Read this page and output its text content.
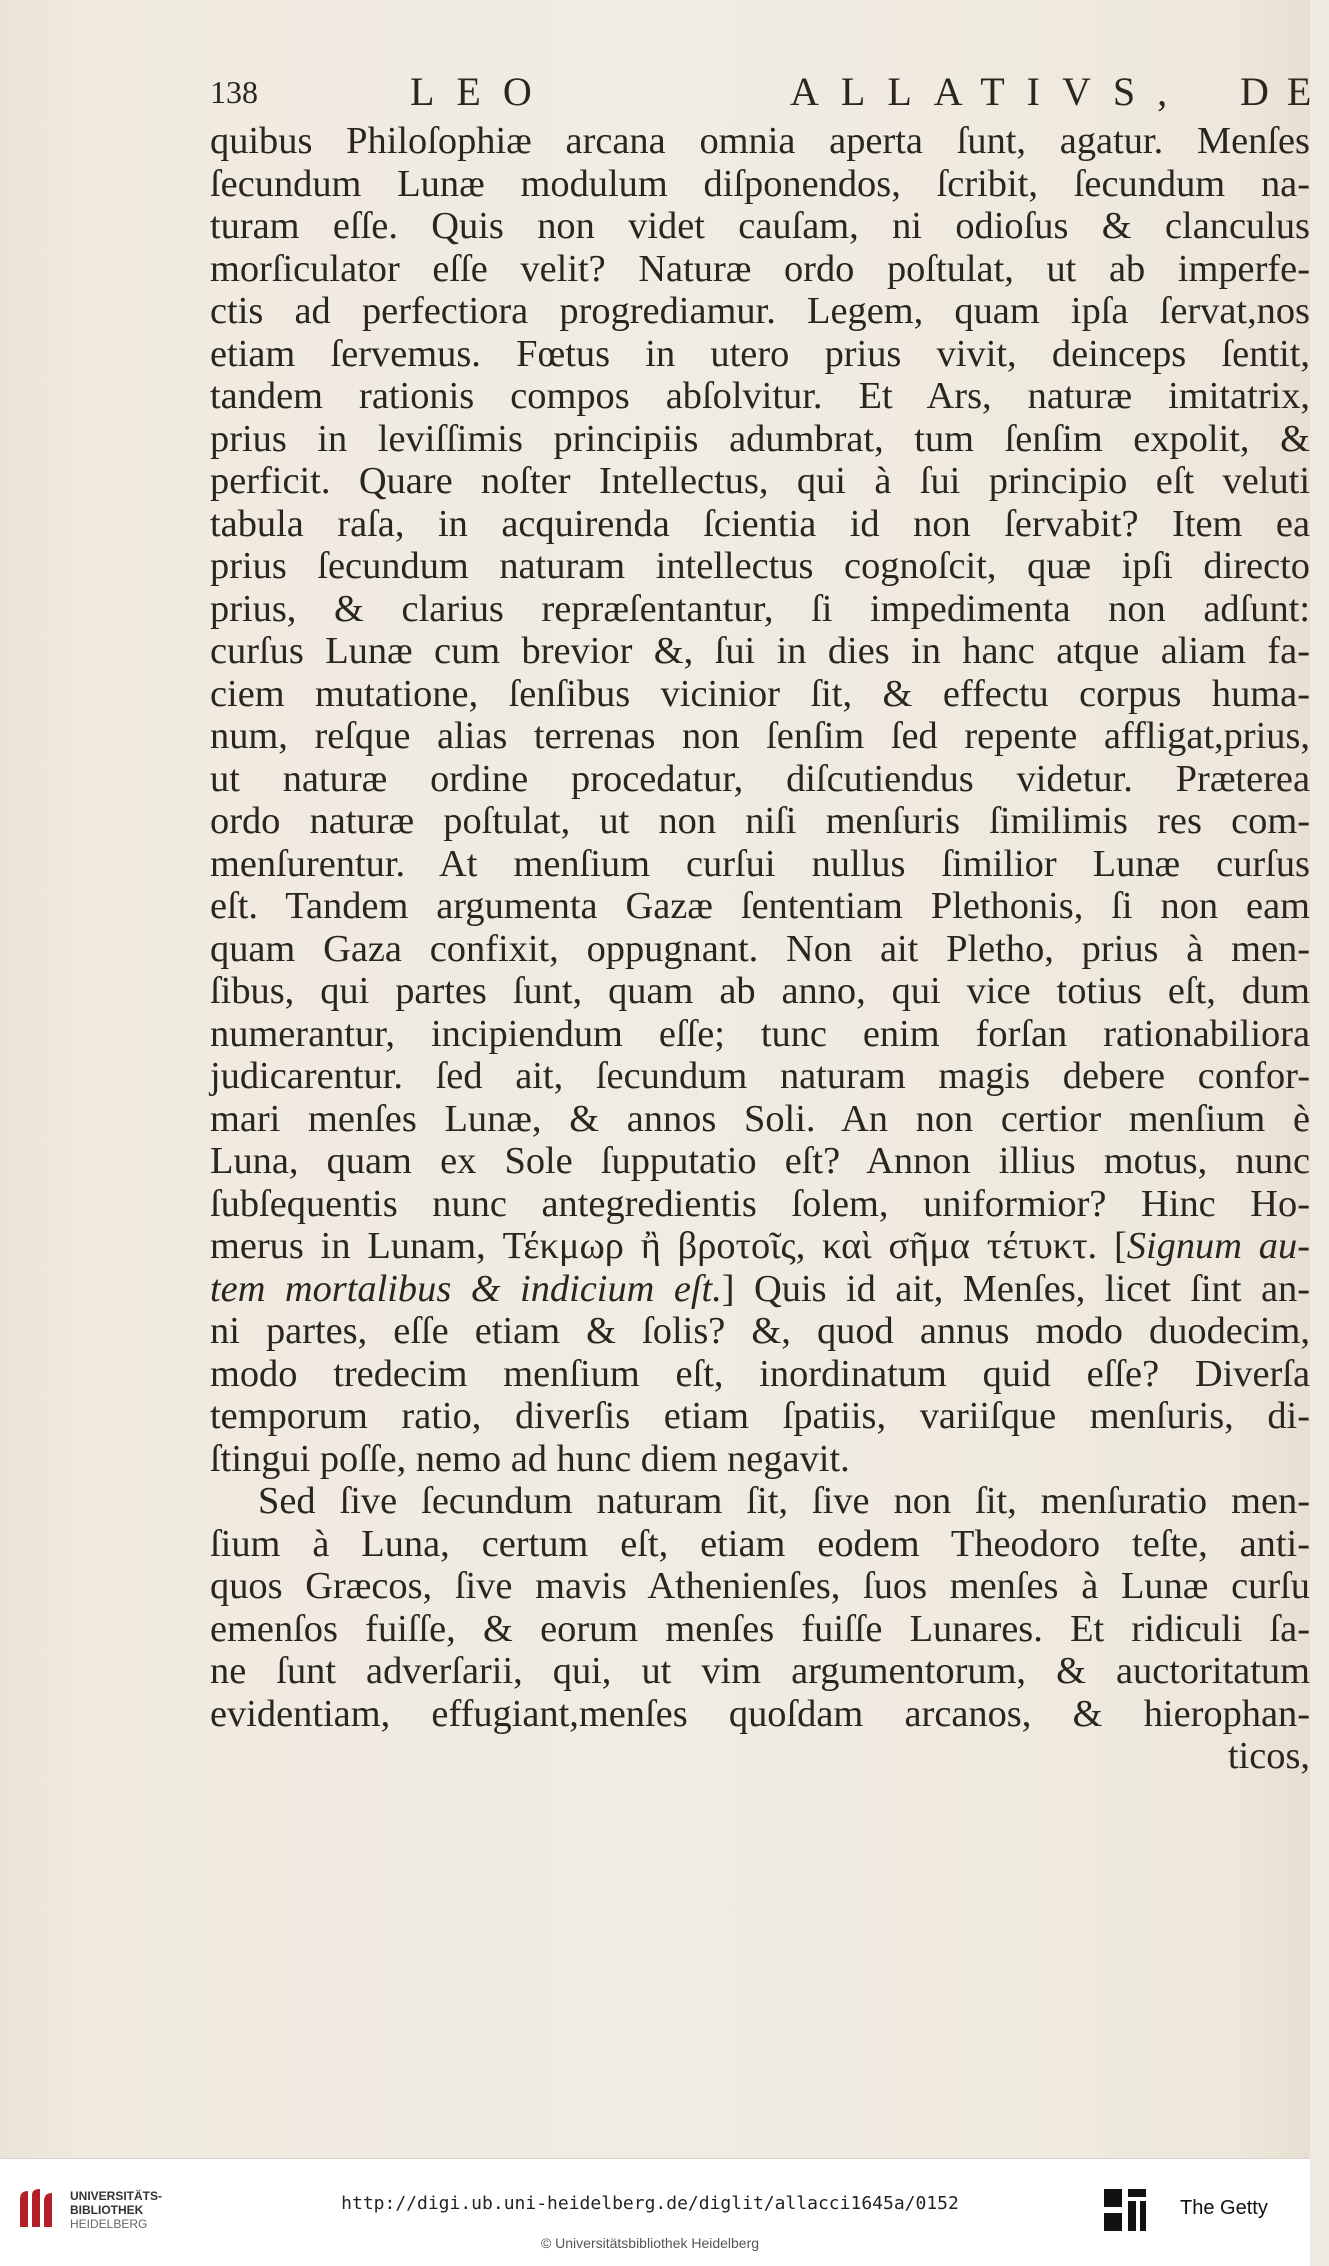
138	LEO	ALLATIVS, DE
quibus Philoſophiæ arcana omnia aperta ſunt, agatur. Menſes
ſecundum Lunæ modulum diſponendos, ſcribit, ſecundum na-
turam eſſe. Quis non videt cauſam, ni odioſus & clanculus
morſiculator eſſe velit? Naturæ ordo poſtulat, ut ab imperfe-
ctis ad perfectiora progrediamur. Legem, quam ipſa ſervat,nos
etiam ſervemus. Fœtus in utero prius vivit, deinceps ſentit,
tandem rationis compos abſolvitur. Et Ars, naturæ imitatrix,
prius in leviſſimis principiis adumbrat, tum ſenſim expolit, &
perficit. Quare noſter Intellectus, qui à ſui principio eſt veluti
tabula raſa, in acquirenda ſcientia id non ſervabit? Item ea
prius ſecundum naturam intellectus cognoſcit, quæ ipſi directo
prius, & clarius repræſentantur, ſi impedimenta non adſunt:
curſus Lunæ cum brevior &, ſui in dies in hanc atque aliam fa-
ciem mutatione, ſenſibus vicinior ſit, & effectu corpus huma-
num, reſque alias terrenas non ſenſim ſed repente affligat,prius,
ut naturæ ordine procedatur, diſcutiendus videtur. Præterea
ordo naturæ poſtulat, ut non niſi menſuris ſimilimis res com-
menſurentur. At menſium curſui nullus ſimilior Lunæ curſus
eſt. Tandem argumenta Gazæ ſententiam Plethonis, ſi non eam
quam Gaza confixit, oppugnant. Non ait Pletho, prius à men-
ſibus, qui partes ſunt, quam ab anno, qui vice totius eſt, dum
numerantur, incipiendum eſſe; tunc enim forſan rationabiliora
judicarentur. ſed ait, ſecundum naturam magis debere confor-
mari menſes Lunæ, & annos Soli. An non certior menſium è
Luna, quam ex Sole ſupputatio eſt? Annon illius motus, nunc
ſubſequentis nunc antegredientis ſolem, uniformior? Hinc Ho-
merus in Lunam, Τέκμωρ ἢ βροτοῖς, καὶ σῆμα τέτυκτ. [Signum au-
tem mortalibus & indicium eſt.] Quis id ait, Menſes, licet ſint an-
ni partes, eſſe etiam & ſolis? &, quod annus modo duodecim,
modo tredecim menſium eſt, inordinatum quid eſſe? Diverſa
temporum ratio, diverſis etiam ſpatiis, variiſque menſuris, di-
ſtingui poſſe, nemo ad hunc diem negavit.
Sed ſive ſecundum naturam ſit, ſive non ſit, menſuratio men-
ſium à Luna, certum eſt, etiam eodem Theodoro teſte, anti-
quos Græcos, ſive mavis Athenienſes, ſuos menſes à Lunæ curſu
emenſos fuiſſe, & eorum menſes fuiſſe Lunares. Et ridiculi ſa-
ne ſunt adverſarii, qui, ut vim argumentorum, & auctoritatum
evidentiam, effugiant,menſes quoſdam arcanos, & hierophan-
ticos,
UNIVERSITÄTS-
BIBLIOTHEK
HEIDELBERG
http://digi.ub.uni-heidelberg.de/diglit/allacci1645a/0152
© Universitätsbibliothek Heidelberg
The Getty
